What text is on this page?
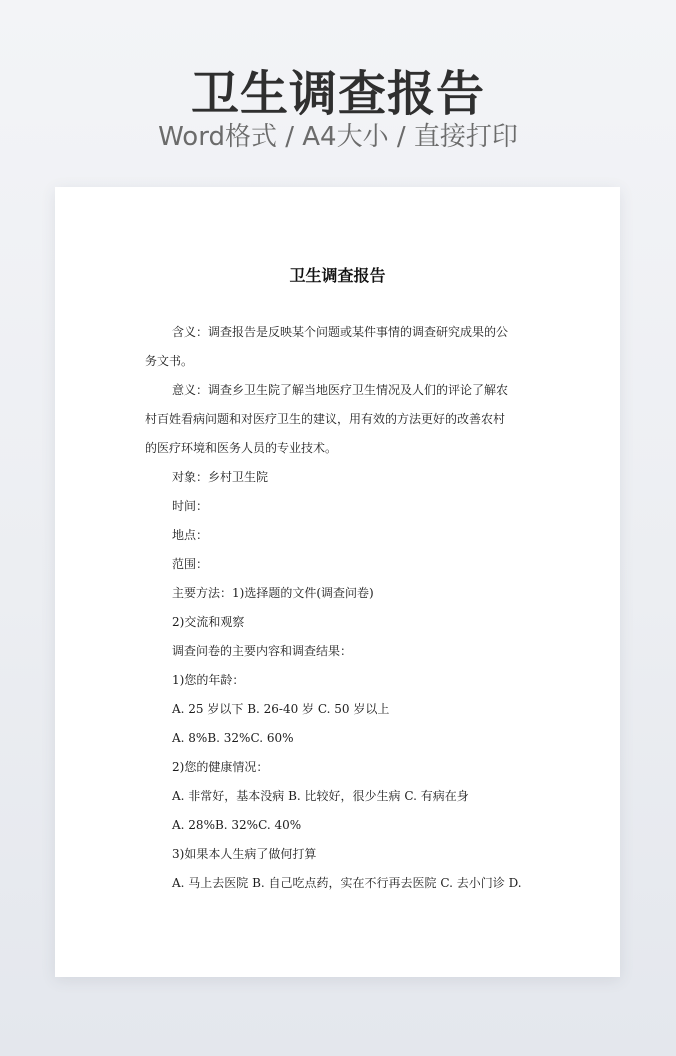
卫生调查报告
Word格式 / A4大小 / 直接打印
卫生调查报告
含义：调查报告是反映某个问题或某件事情的调查研究成果的公
务文书。
意义：调查乡卫生院了解当地医疗卫生情况及人们的评论了解农
村百姓看病问题和对医疗卫生的建议，用有效的方法更好的改善农村
的医疗环境和医务人员的专业技术。
对象：乡村卫生院
时间：
地点：
范围：
主要方法：1)选择题的文件(调查问卷)
2)交流和观察
调查问卷的主要内容和调查结果：
1)您的年龄：
A. 25 岁以下 B. 26-40 岁 C. 50 岁以上
A. 8%B. 32%C. 60%
2)您的健康情况：
A. 非常好，基本没病 B. 比较好，很少生病 C. 有病在身
A. 28%B. 32%C. 40%
3)如果本人生病了做何打算
A. 马上去医院 B. 自己吃点药，实在不行再去医院 C. 去小门诊 D.
